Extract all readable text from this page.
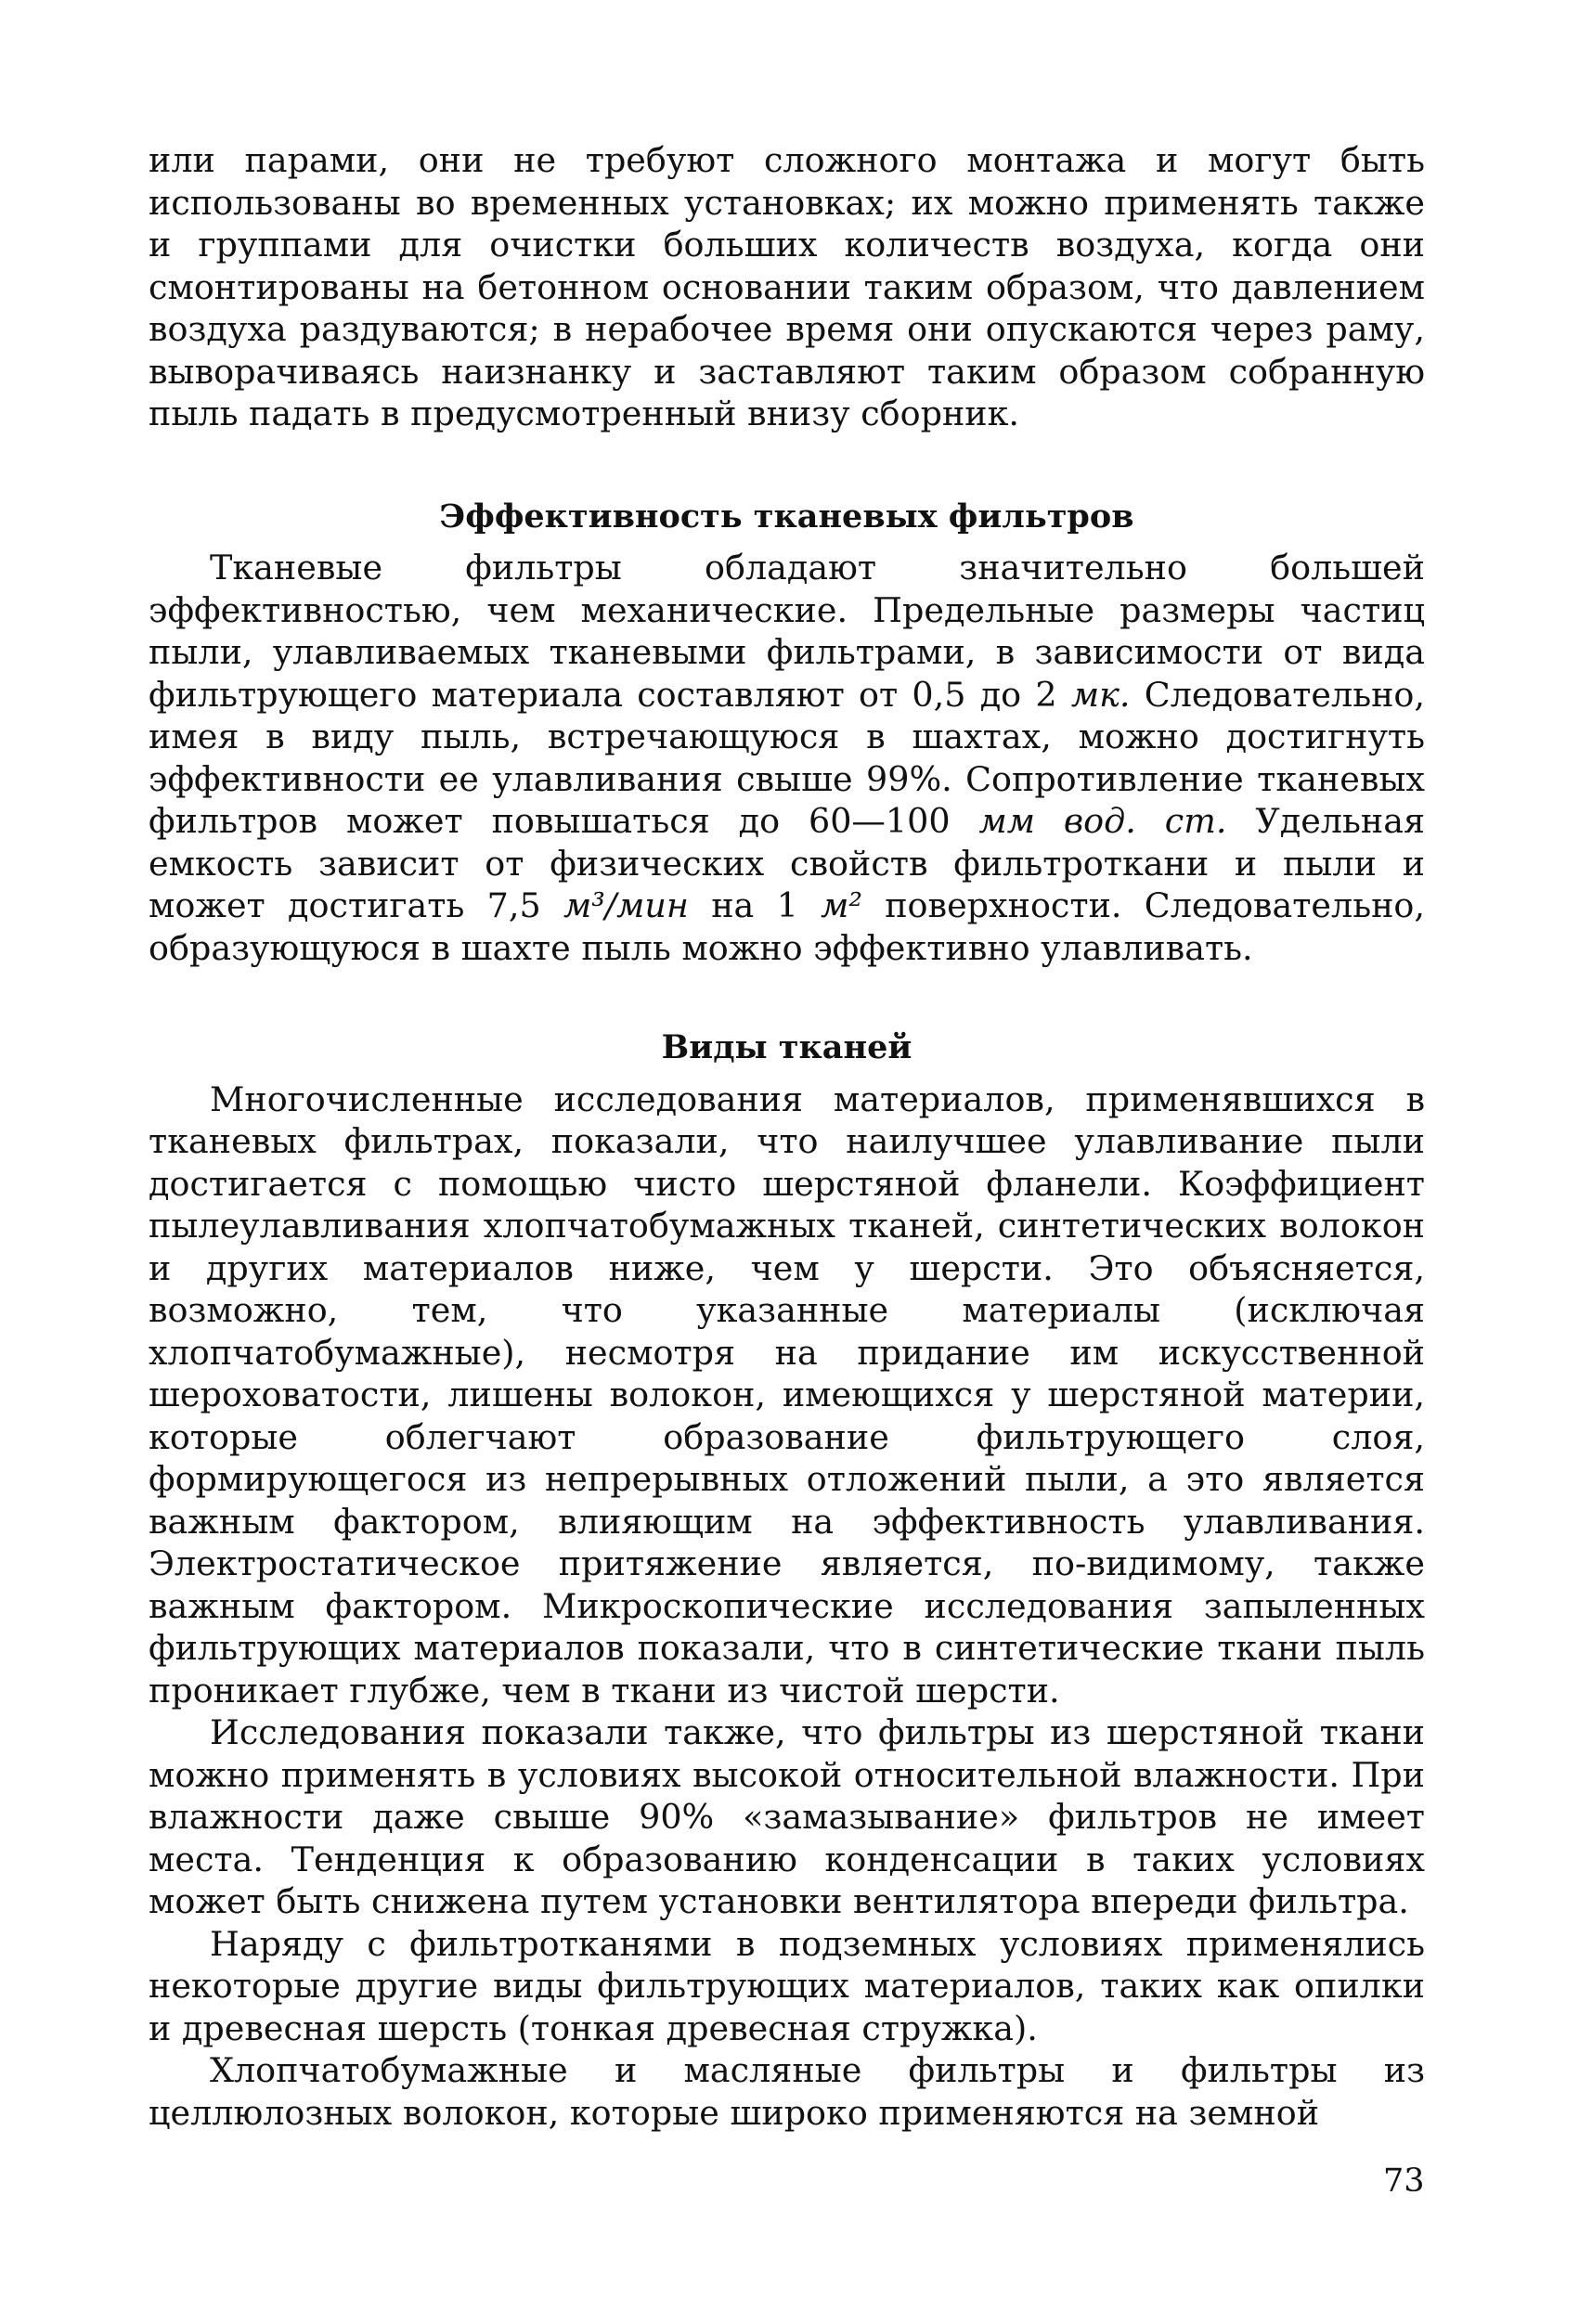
или парами, они не требуют сложного монтажа и могут быть использованы во временных установках; их можно применять также и группами для очистки больших количеств воздуха, когда они смонтированы на бетонном основании таким образом, что давлением воздуха раздуваются; в нерабочее время они опускаются через раму, выворачиваясь наизнанку и заставляют таким образом собранную пыль падать в предусмотренный внизу сборник.

Эффективность тканевых фильтров

Тканевые фильтры обладают значительно большей эффективностью, чем механические. Предельные размеры частиц пыли, улавливаемых тканевыми фильтрами, в зависимости от вида фильтрующего материала составляют от 0,5 до 2 мк. Следовательно, имея в виду пыль, встречающуюся в шахтах, можно достигнуть эффективности ее улавливания свыше 99%. Сопротивление тканевых фильтров может повышаться до 60—100 мм вод. ст. Удельная емкость зависит от физических свойств фильтроткани и пыли и может достигать 7,5 м³/мин на 1 м² поверхности. Следовательно, образующуюся в шахте пыль можно эффективно улавливать.

Виды тканей

Многочисленные исследования материалов, применявшихся в тканевых фильтрах, показали, что наилучшее улавливание пыли достигается с помощью чисто шерстяной фланели. Коэффициент пылеулавливания хлопчатобумажных тканей, синтетических волокон и других материалов ниже, чем у шерсти. Это объясняется, возможно, тем, что указанные материалы (исключая хлопчатобумажные), несмотря на придание им искусственной шероховатости, лишены волокон, имеющихся у шерстяной материи, которые облегчают образование фильтрующего слоя, формирующегося из непрерывных отложений пыли, а это является важным фактором, влияющим на эффективность улавливания. Электростатическое притяжение является, по-видимому, также важным фактором. Микроскопические исследования запыленных фильтрующих материалов показали, что в синтетические ткани пыль проникает глубже, чем в ткани из чистой шерсти.

Исследования показали также, что фильтры из шерстяной ткани можно применять в условиях высокой относительной влажности. При влажности даже свыше 90% «замазывание» фильтров не имеет места. Тенденция к образованию конденсации в таких условиях может быть снижена путем установки вентилятора впереди фильтра.

Наряду с фильтротканями в подземных условиях применялись некоторые другие виды фильтрующих материалов, таких как опилки и древесная шерсть (тонкая древесная стружка).

Хлопчатобумажные и масляные фильтры и фильтры из целлюлозных волокон, которые широко применяются на земной

73
